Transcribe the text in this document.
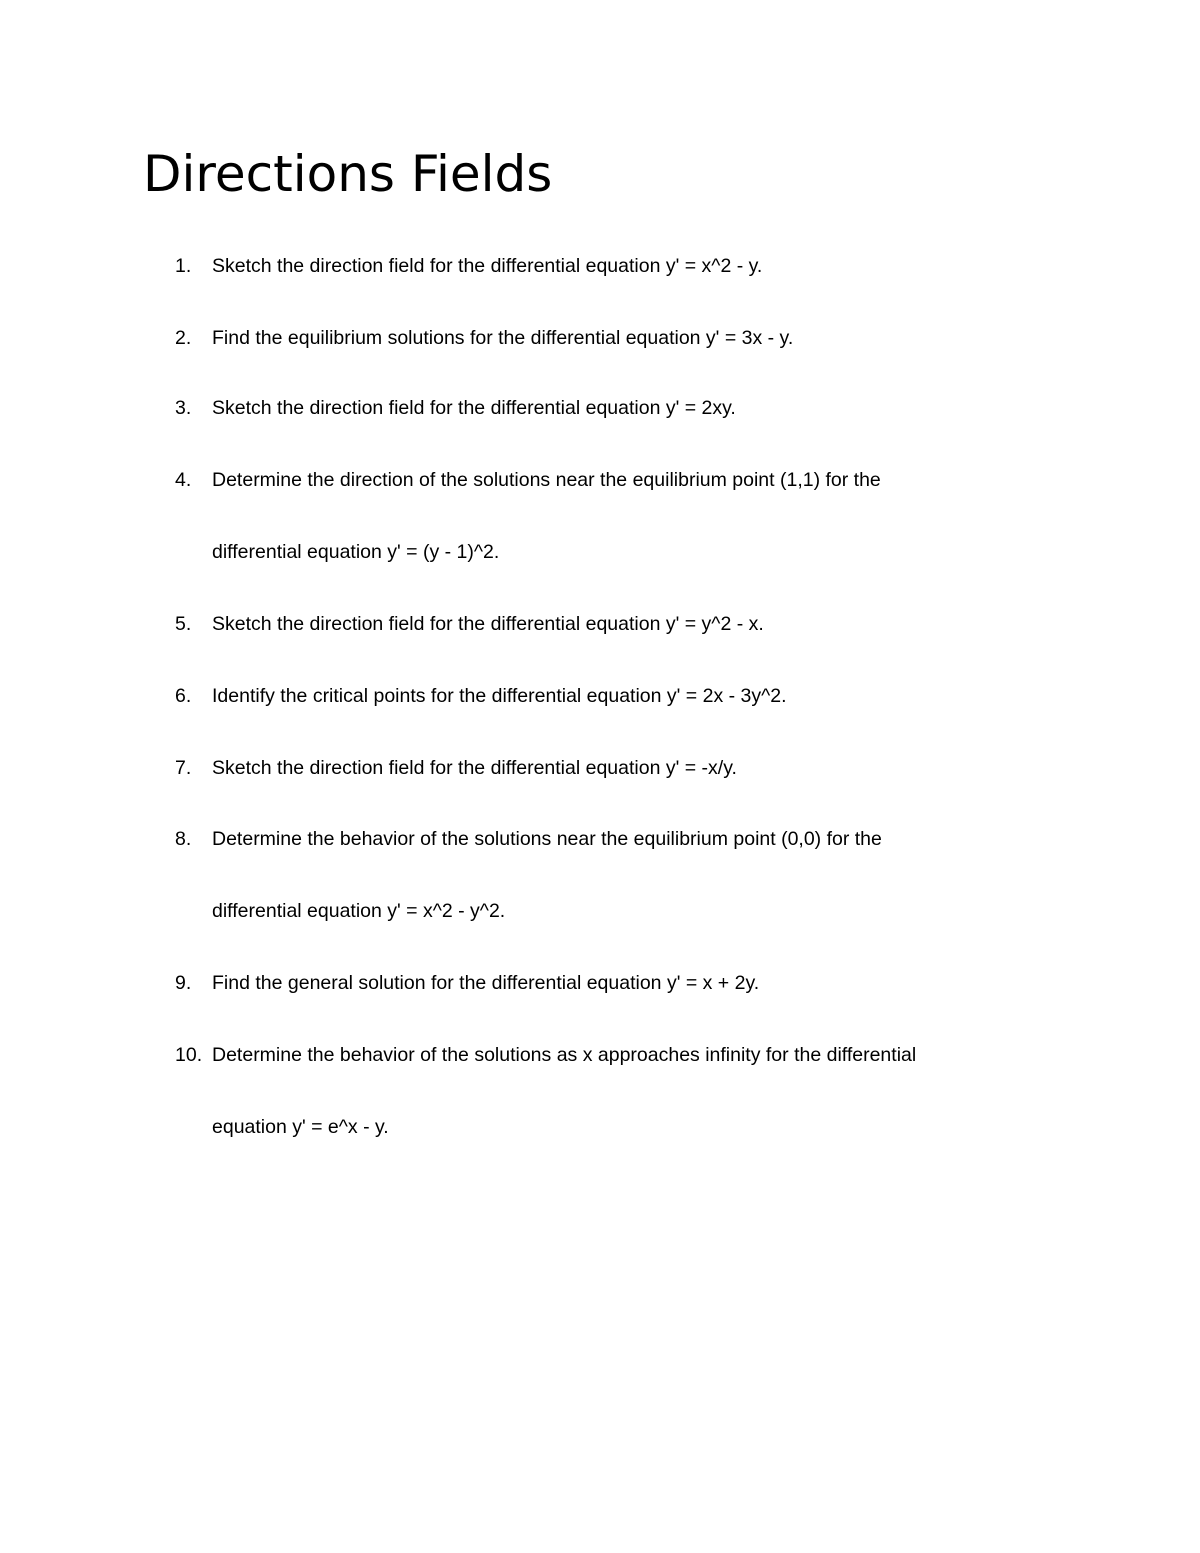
Directions Fields
1. Sketch the direction field for the differential equation y' = x^2 - y.
2. Find the equilibrium solutions for the differential equation y' = 3x - y.
3. Sketch the direction field for the differential equation y' = 2xy.
4. Determine the direction of the solutions near the equilibrium point (1,1) for the
differential equation y' = (y - 1)^2.
5. Sketch the direction field for the differential equation y' = y^2 - x.
6. Identify the critical points for the differential equation y' = 2x - 3y^2.
7. Sketch the direction field for the differential equation y' = -x/y.
8. Determine the behavior of the solutions near the equilibrium point (0,0) for the
differential equation y' = x^2 - y^2.
9. Find the general solution for the differential equation y' = x + 2y.
10. Determine the behavior of the solutions as x approaches infinity for the differential
equation y' = e^x - y.
